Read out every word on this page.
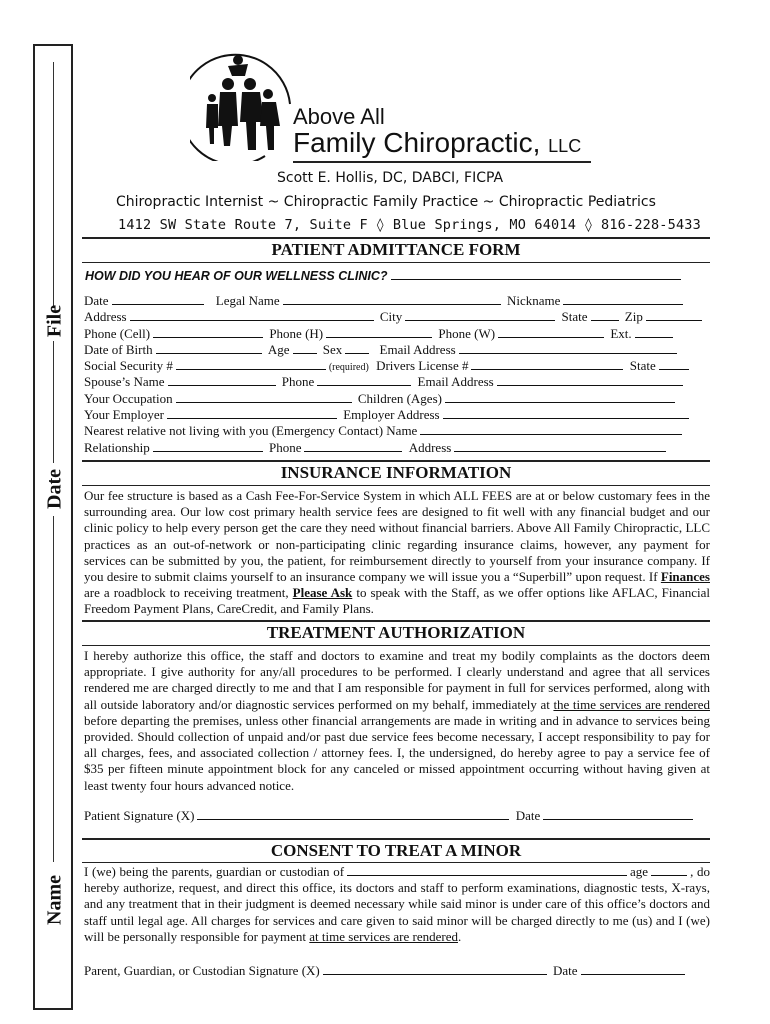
File
Date
Name
Above All
Family Chiropractic, LLC
Scott E. Hollis, DC, DABCI, FICPA
Chiropractic Internist ~ Chiropractic Family Practice ~ Chiropractic Pediatrics
1412 SW State Route 7, Suite F ◊ Blue Springs, MO 64014 ◊ 816-228-5433
PATIENT ADMITTANCE FORM
HOW DID YOU HEAR OF OUR WELLNESS CLINIC?
Date	Legal Name	Nickname
Address	City	State	Zip
Phone (Cell)	Phone (H)	Phone (W)	Ext.
Date of Birth	Age	Sex	Email Address
Social Security #	(required) Drivers License #	State
Spouse’s Name	Phone	Email Address
Your Occupation	Children (Ages)
Your Employer	Employer Address
Nearest relative not living with you (Emergency Contact) Name
Relationship	Phone	Address
INSURANCE INFORMATION
Our fee structure is based as a Cash Fee-For-Service System in which ALL FEES are at or below customary fees in the surrounding area. Our low cost primary health service fees are designed to fit well with any financial budget and our clinic policy to help every person get the care they need without financial barriers. Above All Family Chiropractic, LLC practices as an out-of-network or non-participating clinic regarding insurance claims, however, any payment for services can be submitted by you, the patient, for reimbursement directly to yourself from your insurance company. If you desire to submit claims yourself to an insurance company we will issue you a “Superbill” upon request. If Finances are a roadblock to receiving treatment, Please Ask to speak with the Staff, as we offer options like AFLAC, Financial Freedom Payment Plans, CareCredit, and Family Plans.
TREATMENT AUTHORIZATION
I hereby authorize this office, the staff and doctors to examine and treat my bodily complaints as the doctors deem appropriate. I give authority for any/all procedures to be performed. I clearly understand and agree that all services rendered me are charged directly to me and that I am responsible for payment in full for services performed, along with all outside laboratory and/or diagnostic services performed on my behalf, immediately at the time services are rendered before departing the premises, unless other financial arrangements are made in writing and in advance to services being provided. Should collection of unpaid and/or past due service fees become necessary, I accept responsibility to pay for all charges, fees, and associated collection / attorney fees. I, the undersigned, do hereby agree to pay a service fee of $35 per fifteen minute appointment block for any canceled or missed appointment occurring without having given at least twenty four hours advanced notice.
Patient Signature (X)	Date
CONSENT TO TREAT A MINOR
I (we) being the parents, guardian or custodian of	age	, do hereby authorize, request, and direct this office, its doctors and staff to perform examinations, diagnostic tests, X-rays, and any treatment that in their judgment is deemed necessary while said minor is under care of this office’s doctors and staff until legal age. All charges for services and care given to said minor will be charged directly to me (us) and I (we) will be personally responsible for payment at time services are rendered.
Parent, Guardian, or Custodian Signature (X)	Date
